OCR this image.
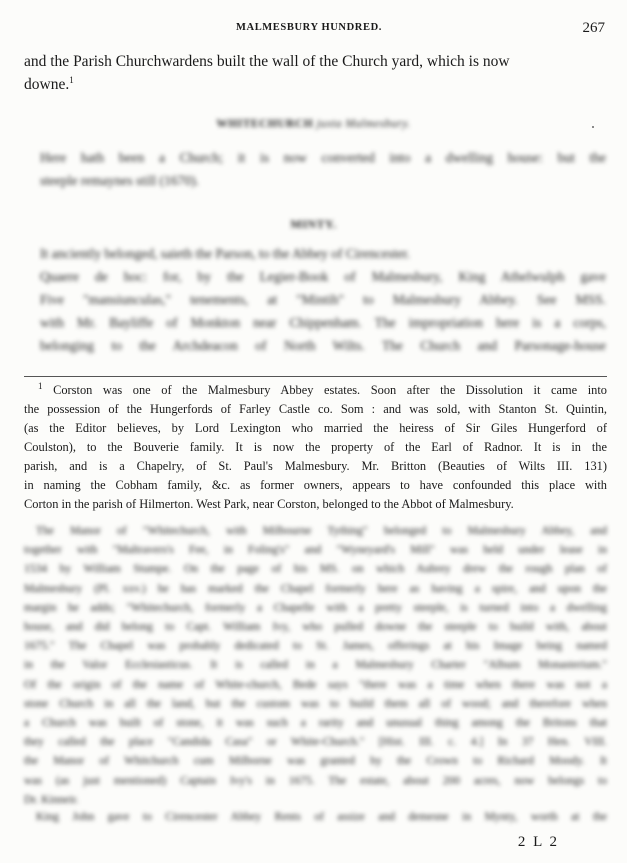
MALMESBURY HUNDRED.	267

and the Parish Churchwardens built the wall of the Church yard, which is now

downe.$^1$

WHITECHURCH juxta Malmesbury.
Here hath been a Church; it is now converted into a dwelling house: but the
steeple remaynes still (1670).
MINTY.
It anciently belonged, saieth the Parson, to the Abbey of Cirencester.
Quaere de hoc: for, by the Legier-Book of Malmesbury, King Athelwulph gave
Five "mansiunculas," tenements, at "Mintih" to Malmesbury Abbey. See MSS.
with Mr. Bayliffe of Monkton near Chippenham. The impropriation here is a corps,
belonging to the Archdeacon of North Wilts. The Church and Parsonage-house
$^1$ Corston was one of the Malmesbury Abbey estates. Soon after the Dissolution it came into
the possession of the Hungerfords of Farley Castle co. Som : and was sold, with Stanton St. Quintin,
(as the Editor believes, by Lord Lexington who married the heiress of Sir Giles Hungerford of
Coulston), to the Bouverie family. It is now the property of the Earl of Radnor. It is in the
parish, and is a Chapelry, of St. Paul's Malmesbury. Mr. Britton (Beauties of Wilts III. 131)
in naming the Cobham family, &c. as former owners, appears to have confounded this place with
Corton in the parish of Hilmerton. West Park, near Corston, belonged to the Abbot of Malmesbury.
The Manor of "Whitechurch, with Milbourne Tything" belonged to Malmesbury Abbey, and
together with "Maltravers's Fee, in Foling's" and "Wyneyard's Mill" was held under lease in
1534 by William Stumpe. On the page of his MS. on which Aubrey drew the rough plan of
Malmesbury (Pl. xxv.) he has marked the Chapel formerly here as having a spire, and upon the
margin he adds; "Whitechurch, formerly a Chapelle with a pretty steeple, is turned into a dwelling
house, and did belong to Capt. William Ivy, who pulled downe the steeple to build with, about
1675." The Chapel was probably dedicated to St. James, offerings at his Image being named
in the Valor Ecclesiasticus. It is called in a Malmesbury Charter "Album Monasterium."
Of the origin of the name of White-church, Bede says "there was a time when there was not a
stone Church in all the land, but the custom was to build them all of wood; and therefore when
a Church was built of stone, it was such a rarity and unusual thing among the Britons that
they called the place "Candida Casa" or White-Church." [Hist. III. c. 4.] In 37 Hen. VIII.
the Manor of Whitchurch cum Milborne was granted by the Crown to Richard Moody. It
was (as just mentioned) Captain Ivy's in 1675. The estate, about 200 acres, now belongs to
Dr. Kinneir.
King John gave to Cirencester Abbey Rents of assize and demesne in Mynty, worth at the
2 L 2
